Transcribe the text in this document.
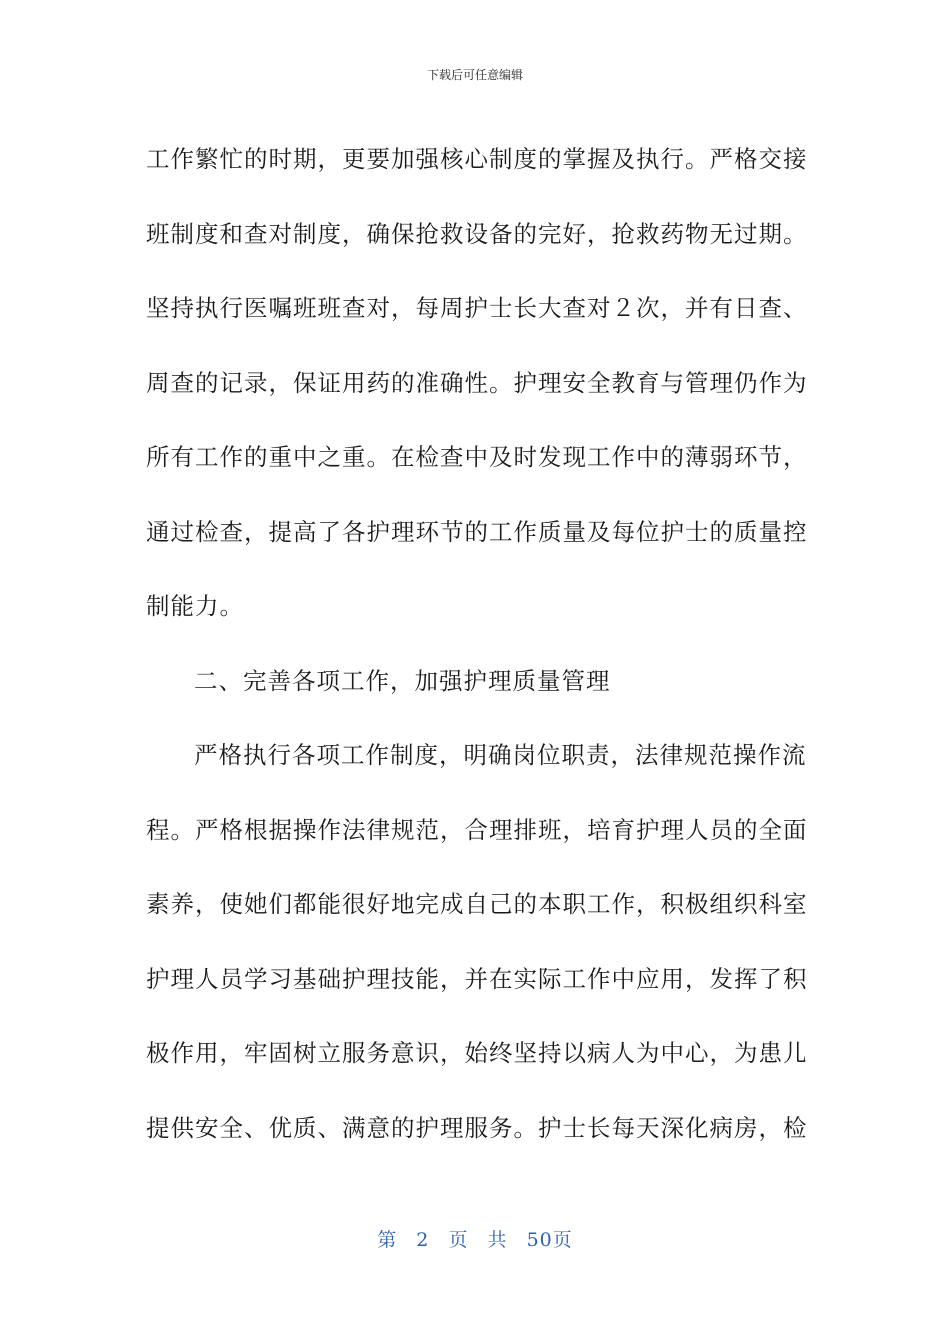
下载后可任意编辑
工作繁忙的时期，更要加强核心制度的掌握及执行。严格交接
班制度和查对制度，确保抢救设备的完好，抢救药物无过期。
坚持执行医嘱班班查对，每周护士长大查对２次，并有日查、
周查的记录，保证用药的准确性。护理安全教育与管理仍作为
所有工作的重中之重。在检查中及时发现工作中的薄弱环节，
通过检查，提高了各护理环节的工作质量及每位护士的质量控
制能力。
二、完善各项工作，加强护理质量管理
严格执行各项工作制度，明确岗位职责，法律规范操作流
程。严格根据操作法律规范，合理排班，培育护理人员的全面
素养，使她们都能很好地完成自己的本职工作，积极组织科室
护理人员学习基础护理技能，并在实际工作中应用，发挥了积
极作用，牢固树立服务意识，始终坚持以病人为中心，为患儿
提供安全、优质、满意的护理服务。护士长每天深化病房，检
第 2 页 共 50页
